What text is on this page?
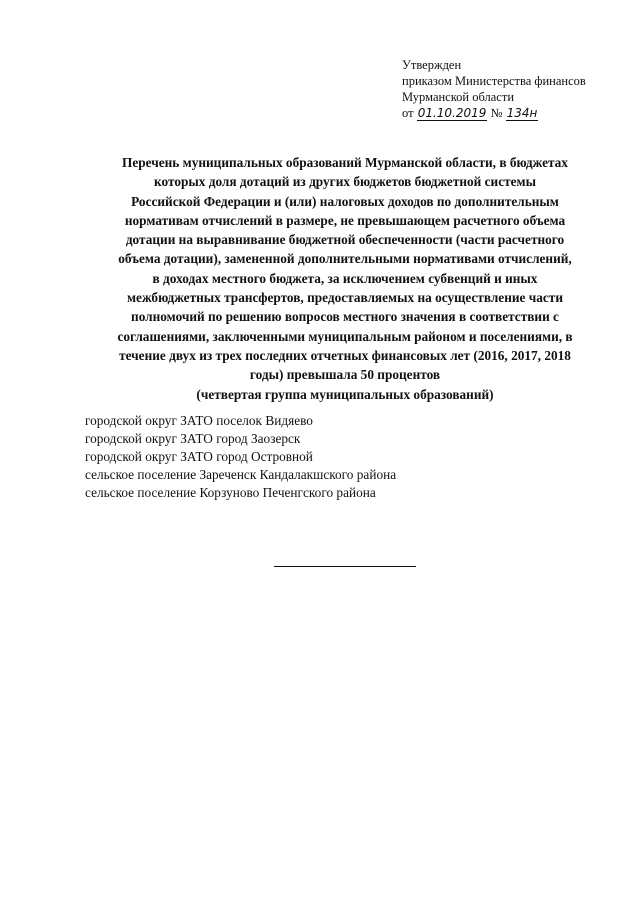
Утвержден
приказом Министерства финансов
Мурманской области
от 01.10.2019 № 134н
Перечень муниципальных образований Мурманской области, в бюджетах
которых доля дотаций из других бюджетов бюджетной системы
Российской Федерации и (или) налоговых доходов по дополнительным
нормативам отчислений в размере, не превышающем расчетного объема
дотации на выравнивание бюджетной обеспеченности (части расчетного
объема дотации), замененной дополнительными нормативами отчислений,
в доходах местного бюджета, за исключением субвенций и иных
межбюджетных трансфертов, предоставляемых на осуществление части
полномочий по решению вопросов местного значения в соответствии с
соглашениями, заключенными муниципальным районом и поселениями, в
течение двух из трех последних отчетных финансовых лет (2016, 2017, 2018
годы) превышала 50 процентов
(четвертая группа муниципальных образований)
городской округ ЗАТО поселок Видяево
городской округ ЗАТО город Заозерск
городской округ ЗАТО город Островной
сельское поселение Зареченск Кандалакшского района
сельское поселение Корзуново Печенгского района
